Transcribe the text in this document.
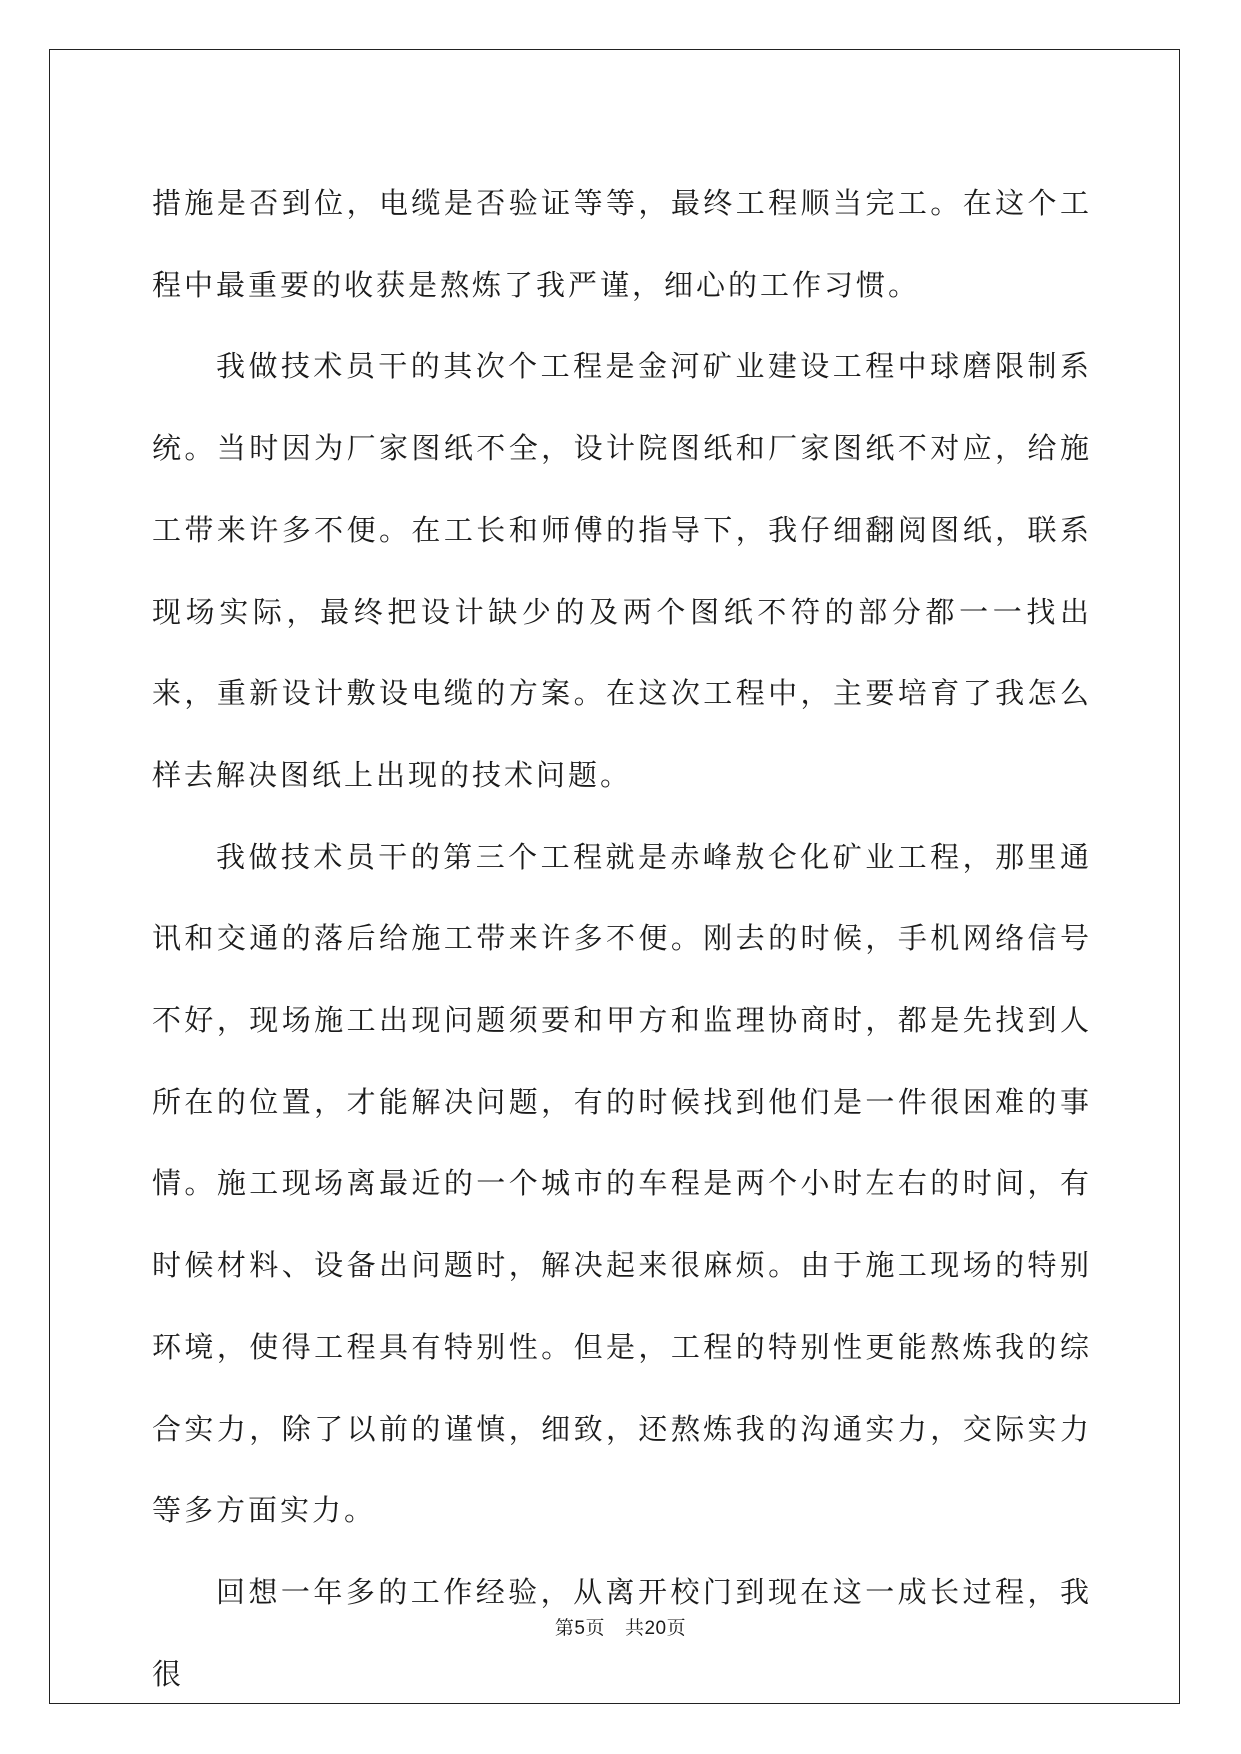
措施是否到位，电缆是否验证等等，最终工程顺当完工。在这个工程中最重要的收获是熬炼了我严谨，细心的工作习惯。

我做技术员干的其次个工程是金河矿业建设工程中球磨限制系统。当时因为厂家图纸不全，设计院图纸和厂家图纸不对应，给施工带来许多不便。在工长和师傅的指导下，我仔细翻阅图纸，联系现场实际，最终把设计缺少的及两个图纸不符的部分都一一找出来，重新设计敷设电缆的方案。在这次工程中，主要培育了我怎么样去解决图纸上出现的技术问题。

我做技术员干的第三个工程就是赤峰敖仑化矿业工程，那里通讯和交通的落后给施工带来许多不便。刚去的时候，手机网络信号不好，现场施工出现问题须要和甲方和监理协商时，都是先找到人所在的位置，才能解决问题，有的时候找到他们是一件很困难的事情。施工现场离最近的一个城市的车程是两个小时左右的时间，有时候材料、设备出问题时，解决起来很麻烦。由于施工现场的特别环境，使得工程具有特别性。但是，工程的特别性更能熬炼我的综合实力，除了以前的谨慎，细致，还熬炼我的沟通实力，交际实力等多方面实力。

回想一年多的工作经验，从离开校门到现在这一成长过程，我很

第5页 共20页
